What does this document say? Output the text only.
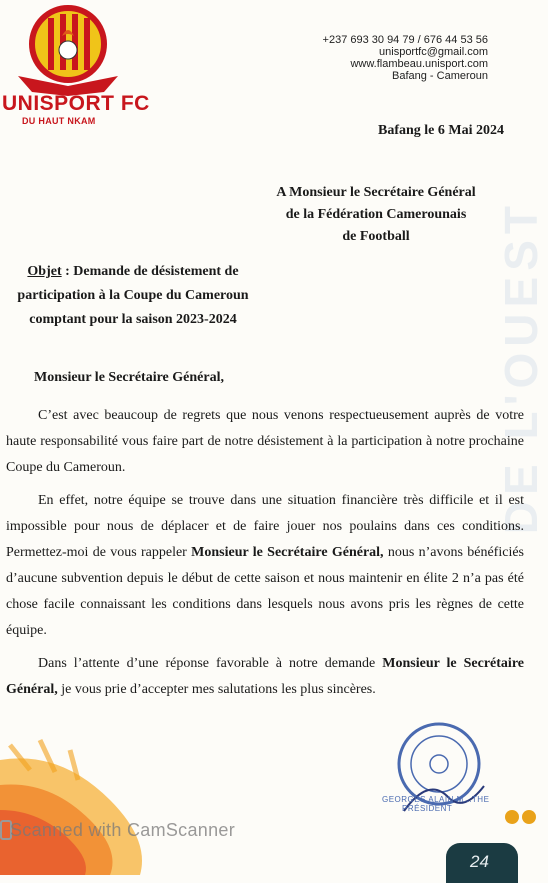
DE L'OUEST
UNISPORT FC
DU HAUT NKAM
+237 693 30 94 79 / 676 44 53 56
unisportfc@gmail.com
www.flambeau.unisport.com
Bafang - Cameroun
Bafang le 6 Mai 2024
A Monsieur le Secrétaire Général
de la Fédération Camerounais
de Football
Objet : Demande de désistement de
participation à la Coupe du Cameroun
comptant pour la saison 2023-2024
Monsieur le Secrétaire Général,
C’est avec beaucoup de regrets que nous venons respectueusement auprès de votre haute responsabilité vous faire part de notre désistement à la participation à notre prochaine Coupe du Cameroun.
En effet, notre équipe se trouve dans une situation financière très difficile et il est impossible pour nous de déplacer et de faire jouer nos poulains dans ces conditions. Permettez-moi de vous rappeler Monsieur le Secrétaire Général, nous n’avons bénéficiés d’aucune subvention depuis le début de cette saison et nous maintenir en élite 2 n’a pas été chose facile connaissant les conditions dans lesquels nous avons pris les règnes de cette équipe.
Dans l’attente d’une réponse favorable à notre demande Monsieur le Secrétaire Général, je vous prie d’accepter mes salutations les plus sincères.
GEORGES ALAIN M...THE
PRÉSIDENT
Scanned with CamScanner
24
